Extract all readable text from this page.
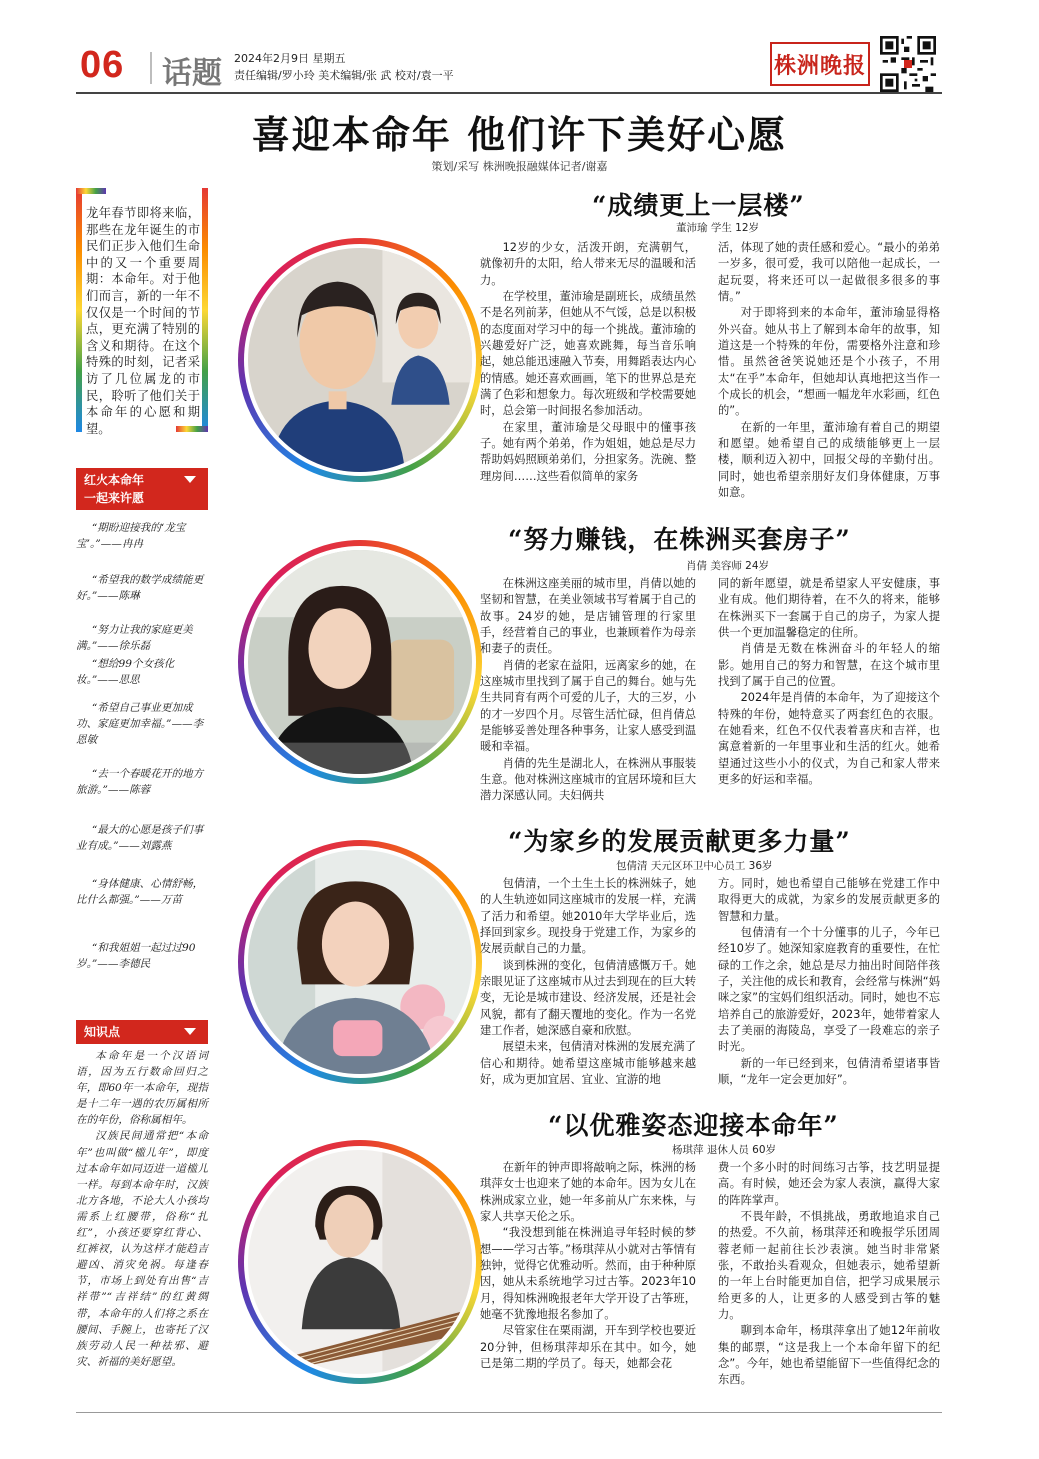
06 话题 2024年2月9日 星期五
责任编辑/罗小玲 美术编辑/张 武 校对/袁一平	株洲晚报
喜迎本命年 他们许下美好心愿
策划/采写 株洲晚报融媒体记者/谢嘉
龙年春节即将来临，那些在龙年诞生的市民们正步入他们生命中的又一个重要周期：本命年。对于他们而言，新的一年不仅仅是一个时间的节点，更充满了特别的含义和期待。在这个特殊的时刻，记者采访了几位属龙的市民，聆听了他们关于本命年的心愿和期望。
红火本命年
一起来许愿
“期盼迎接我的‘龙宝宝’。”——冉冉
“希望我的数学成绩能更好。”——陈琳
“努力让我的家庭更美满。”——徐乐磊
“想给99个女孩化妆。”——思思
“希望自己事业更加成功、家庭更加幸福。”——李恩敏
“去一个春暖花开的地方旅游。”——陈蓉
“最大的心愿是孩子们事业有成。”——刘露燕
“身体健康、心情舒畅，比什么都强。”——万苗
“和我姐姐一起过过90岁。”——李德民
知识点

本命年是一个汉语词语，因为五行数命回归之年，即60年一本命年，现指是十二年一遇的农历属相所在的年份，俗称属相年。

汉族民间通常把“本命年”也叫做“槛儿年”，即度过本命年如同迈进一道槛儿一样。每到本命年时，汉族北方各地，不论大人小孩均需系上红腰带，俗称“扎红”，小孩还要穿红背心、红裤衩，认为这样才能趋吉避凶、消灾免祸。每逢春节，市场上到处有出售“吉祥带”“吉祥结”的红黄绸带，本命年的人们将之系在腰间、手腕上，也寄托了汉族劳动人民一种祛邪、避灾、祈福的美好愿望。

“成绩更上一层楼”
董沛瑜 学生 12岁

12岁的少女，活泼开朗，充满朝气，就像初升的太阳，给人带来无尽的温暖和活力。

在学校里，董沛瑜是副班长，成绩虽然不是名列前茅，但她从不气馁，总是以积极的态度面对学习中的每一个挑战。董沛瑜的兴趣爱好广泛，她喜欢跳舞，每当音乐响起，她总能迅速融入节奏，用舞蹈表达内心的情感。她还喜欢画画，笔下的世界总是充满了色彩和想象力。每次班级和学校需要她时，总会第一时间报名参加活动。

在家里，董沛瑜是父母眼中的懂事孩子。她有两个弟弟，作为姐姐，她总是尽力帮助妈妈照顾弟弟们，分担家务。洗碗、整理房间……这些看似简单的家务

活，体现了她的责任感和爱心。“最小的弟弟一岁多，很可爱，我可以陪他一起成长，一起玩耍，将来还可以一起做很多很多的事情。”

对于即将到来的本命年，董沛瑜显得格外兴奋。她从书上了解到本命年的故事，知道这是一个特殊的年份，需要格外注意和珍惜。虽然爸爸笑说她还是个小孩子，不用太“在乎”本命年，但她却认真地把这当作一个成长的机会，“想画一幅龙年水彩画，红色的”。

在新的一年里，董沛瑜有着自己的期望和愿望。她希望自己的成绩能够更上一层楼，顺利迈入初中，回报父母的辛勤付出。同时，她也希望亲朋好友们身体健康，万事如意。

“努力赚钱，在株洲买套房子”
肖倩 美容师 24岁

在株洲这座美丽的城市里，肖倩以她的坚韧和智慧，在美业领域书写着属于自己的故事。24岁的她，是店铺管理的行家里手，经营着自己的事业，也兼顾着作为母亲和妻子的责任。

肖倩的老家在益阳，远离家乡的她，在这座城市里找到了属于自己的舞台。她与先生共同育有两个可爱的儿子，大的三岁，小的才一岁四个月。尽管生活忙碌，但肖倩总是能够妥善处理各种事务，让家人感受到温暖和幸福。

肖倩的先生是湖北人，在株洲从事服装生意。他对株洲这座城市的宜居环境和巨大潜力深感认同。夫妇俩共

同的新年愿望，就是希望家人平安健康，事业有成。他们期待着，在不久的将来，能够在株洲买下一套属于自己的房子，为家人提供一个更加温馨稳定的住所。

肖倩是无数在株洲奋斗的年轻人的缩影。她用自己的努力和智慧，在这个城市里找到了属于自己的位置。

2024年是肖倩的本命年，为了迎接这个特殊的年份，她特意买了两套红色的衣服。在她看来，红色不仅代表着喜庆和吉祥，也寓意着新的一年里事业和生活的红火。她希望通过这些小小的仪式，为自己和家人带来更多的好运和幸福。

“为家乡的发展贡献更多力量”
包倩清 天元区环卫中心员工 36岁

包倩清，一个土生土长的株洲妹子，她的人生轨迹如同这座城市的发展一样，充满了活力和希望。她2010年大学毕业后，选择回到家乡。现投身于党建工作，为家乡的发展贡献自己的力量。

谈到株洲的变化，包倩清感慨万千。她亲眼见证了这座城市从过去到现在的巨大转变，无论是城市建设、经济发展，还是社会风貌，都有了翻天覆地的变化。作为一名党建工作者，她深感自豪和欣慰。

展望未来，包倩清对株洲的发展充满了信心和期待。她希望这座城市能够越来越好，成为更加宜居、宜业、宜游的地

方。同时，她也希望自己能够在党建工作中取得更大的成就，为家乡的发展贡献更多的智慧和力量。

包倩清有一个十分懂事的儿子，今年已经10岁了。她深知家庭教育的重要性，在忙碌的工作之余，她总是尽力抽出时间陪伴孩子，关注他的成长和教育，会经常与株洲“妈咪之家”的宝妈们组织活动。同时，她也不忘培养自己的旅游爱好，2023年，她带着家人去了美丽的海陵岛，享受了一段难忘的亲子时光。

新的一年已经到来，包倩清希望诸事皆顺，“龙年一定会更加好”。

“以优雅姿态迎接本命年”
杨琪萍 退休人员 60岁

在新年的钟声即将敲响之际，株洲的杨琪萍女士也迎来了她的本命年。因为女儿在株洲成家立业，她一年多前从广东来株，与家人共享天伦之乐。

“我没想到能在株洲追寻年轻时候的梦想——学习古筝。”杨琪萍从小就对古筝情有独钟，觉得它优雅动听。然而，由于种种原因，她从未系统地学习过古筝。2023年10月，得知株洲晚报老年大学开设了古筝班，她毫不犹豫地报名参加了。

尽管家住在栗雨湖，开车到学校也要近20分钟，但杨琪萍却乐在其中。如今，她已是第二期的学员了。每天，她都会花

费一个多小时的时间练习古筝，技艺明显提高。有时候，她还会为家人表演，赢得大家的阵阵掌声。

不畏年龄，不惧挑战，勇敢地追求自己的热爱。不久前，杨琪萍还和晚报学乐团周蓉老师一起前往长沙表演。她当时非常紧张，不敢抬头看观众，但她表示，她希望新的一年上台时能更加自信，把学习成果展示给更多的人，让更多的人感受到古筝的魅力。

聊到本命年，杨琪萍拿出了她12年前收集的邮票，“这是我上一个本命年留下的纪念”。今年，她也希望能留下一些值得纪念的东西。
